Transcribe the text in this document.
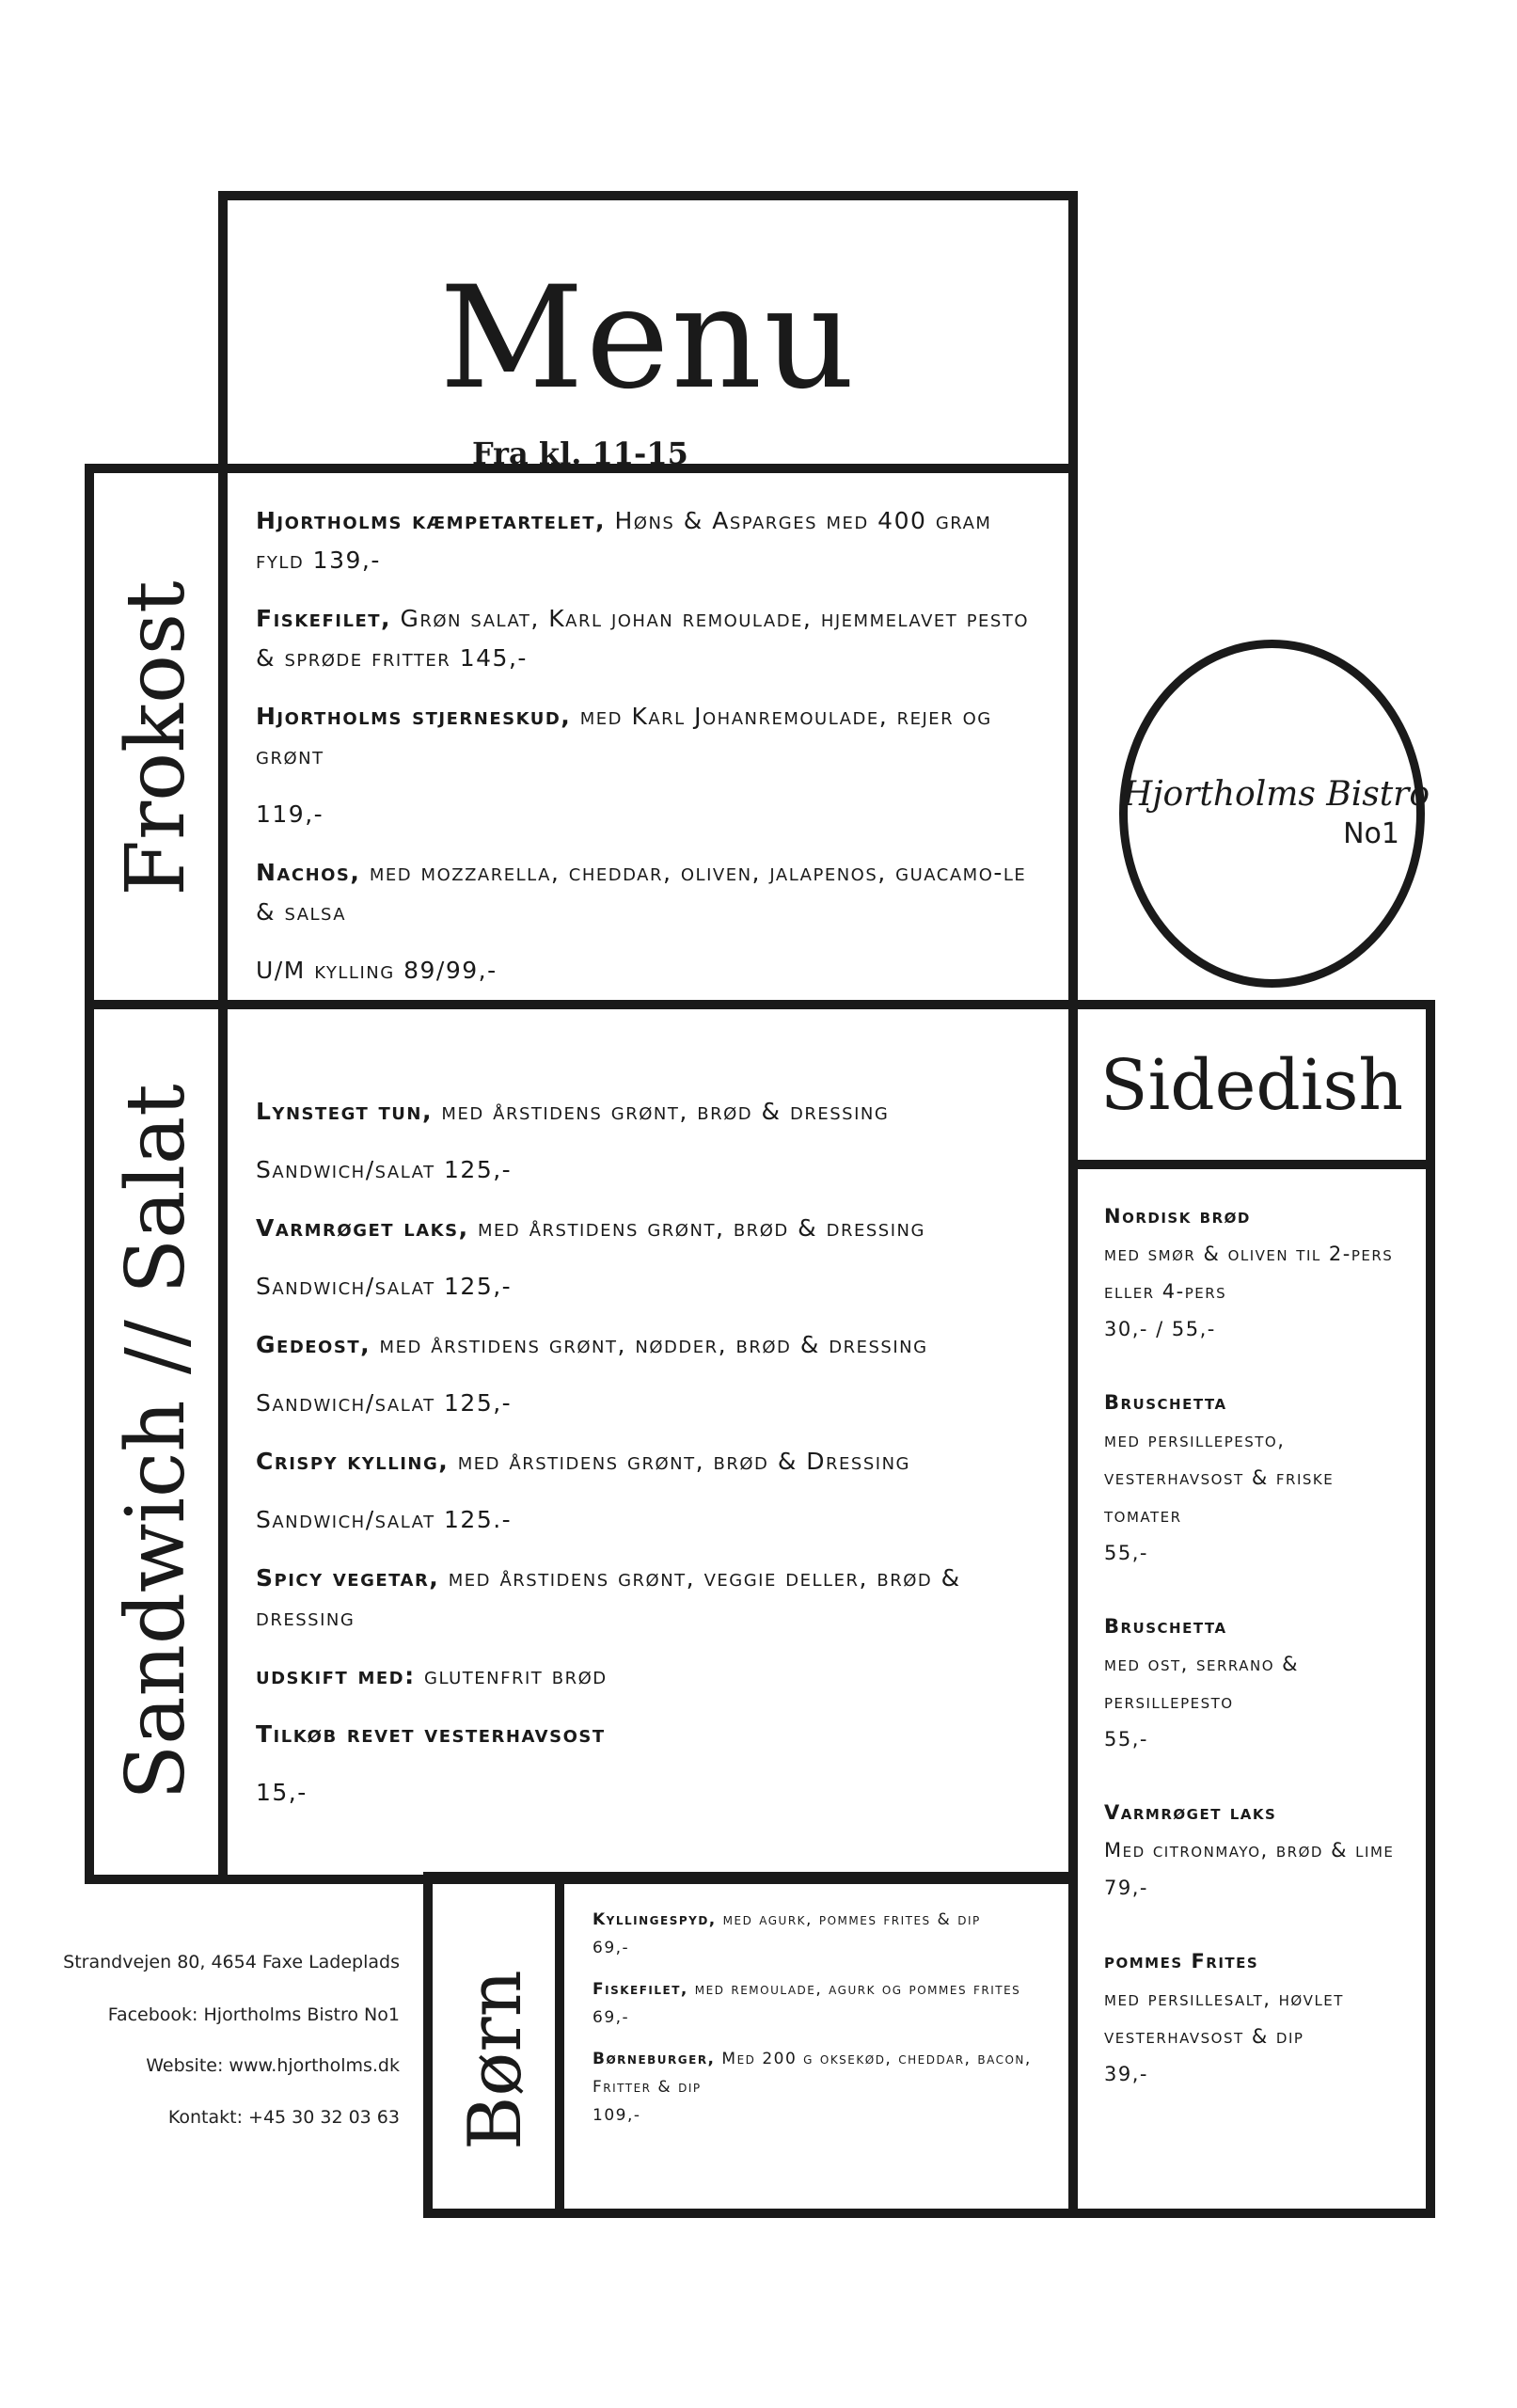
Menu
Fra kl. 11-15
Frokost
Hjortholms kæmpetartelet, Høns & Asparges med 400 gram fyld 139,-
Fiskefilet, Grøn salat, Karl johan remoulade, hjemmelavet pesto & sprøde fritter 145,-
Hjortholms stjerneskud, med Karl Johanremoulade, rejer og grønt
119,-
Nachos, med mozzarella, cheddar, oliven, jalapenos, guacamo-le & salsa
U/M kylling 89/99,-
Sandwich // Salat Lynstegt tun, med årstidens grønt, brød & dressing
Sandwich/salat 125,-
Varmrøget laks, med årstidens grønt, brød & dressing
Sandwich/salat 125,-
Gedeost, med årstidens grønt, nødder, brød & dressing
Sandwich/salat 125,-
Crispy kylling, med årstidens grønt, brød & Dressing
Sandwich/salat 125.-
Spicy vegetar, med årstidens grønt, veggie deller, brød & dressing
udskift med: glutenfrit brød
Tilkøb revet vesterhavsost
15,-
Hjortholms Bistro
No1
Sidedish
Nordisk brød
med smør & oliven til 2-pers eller 4-pers
30,- / 55,-
Bruschetta
med persillepesto, vesterhavsost & friske tomater
55,-
Bruschetta
med ost, serrano & persillepesto
55,-
Varmrøget laks
Med citronmayo, brød & lime
79,-
pommes Frites
med persillesalt, høvlet vesterhavsost & dip
39,-
Børn
Kyllingespyd, med agurk, pommes frites & dip
69,-
Fiskefilet, med remoulade, agurk og pommes frites
69,-
Børneburger, Med 200 g oksekød, cheddar, bacon, Fritter & dip
109,-
Strandvejen 80, 4654 Faxe Ladeplads
Facebook: Hjortholms Bistro No1
Website: www.hjortholms.dk
Kontakt: +45 30 32 03 63
